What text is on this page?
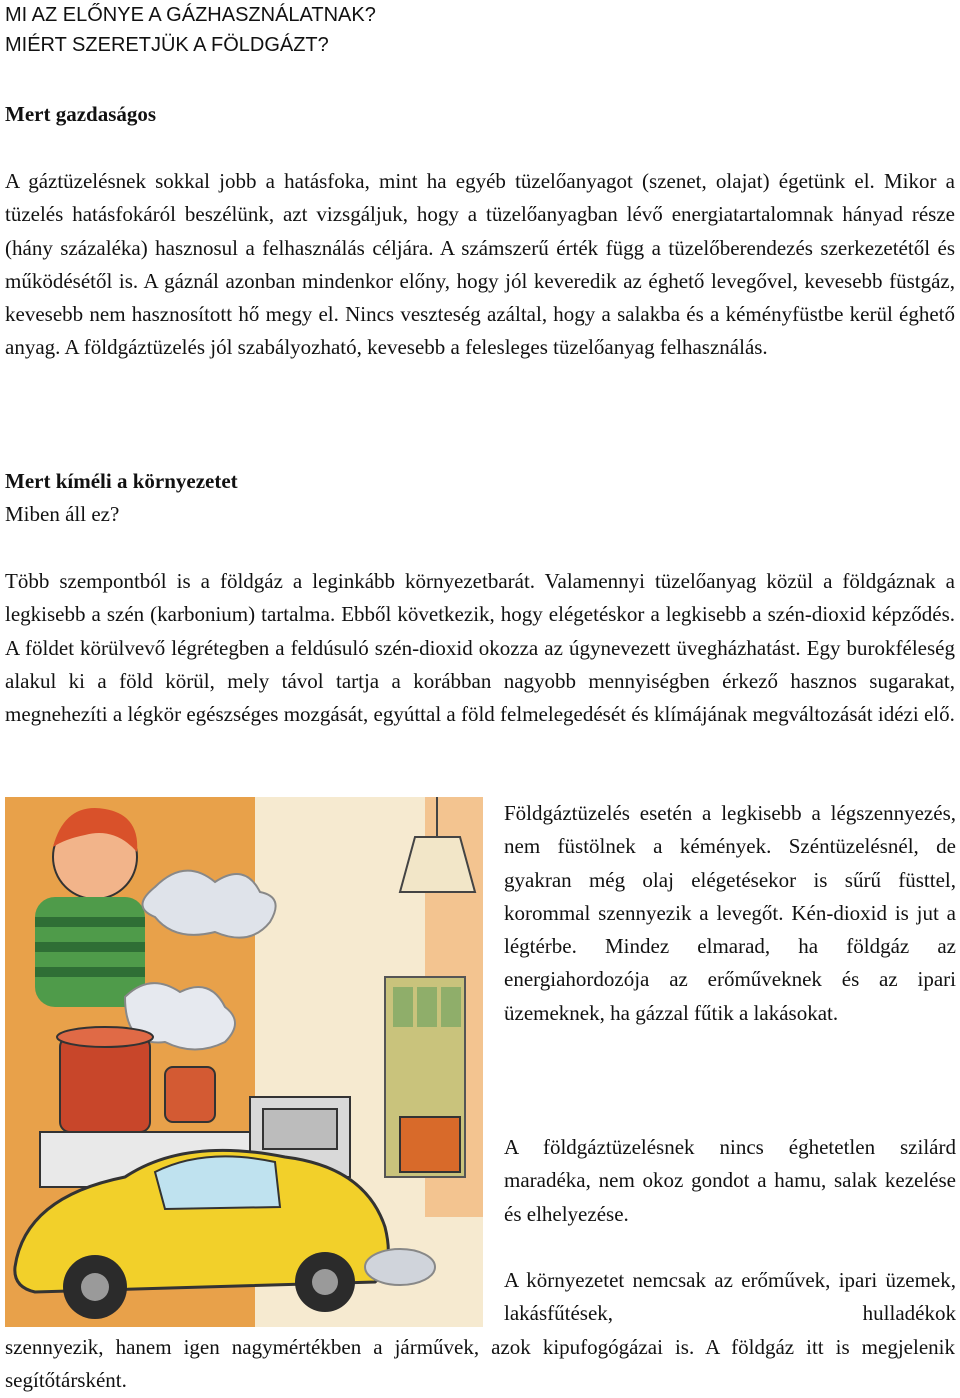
MI AZ ELŐNYE A GÁZHASZNÁLATNAK?
MIÉRT SZERETJÜK A FÖLDGÁZT?
Mert gazdaságos
A gáztüzelésnek sokkal jobb a hatásfoka, mint ha egyéb tüzelőanyagot (szenet, olajat) égetünk el. Mikor a tüzelés hatásfokáról beszélünk, azt vizsgáljuk, hogy a tüzelőanyagban lévő energiatartalomnak hányad része (hány százaléka) hasznosul a felhasználás céljára. A számszerű érték függ a tüzelőberendezés szerkezetétől és működésétől is. A gáznál azonban mindenkor előny, hogy jól keveredik az éghető levegővel, kevesebb füstgáz, kevesebb nem hasznosított hő megy el. Nincs veszteség azáltal, hogy a salakba és a kéményfüstbe kerül éghető anyag. A földgáztüzelés jól szabályozható, kevesebb a felesleges tüzelőanyag felhasználás.
Mert kíméli a környezetet
Miben áll ez?
Több szempontból is a földgáz a leginkább környezetbarát. Valamennyi tüzelőanyag közül a földgáznak a legkisebb a szén (karbonium) tartalma. Ebből következik, hogy elégetéskor a legkisebb a szén-dioxid képződés. A földet körülvevő légrétegben a feldúsuló szén-dioxid okozza az úgynevezett üvegházhatást. Egy burokféleség alakul ki a föld körül, mely távol tartja a korábban nagyobb mennyiségben érkező hasznos sugarakat, megnehezíti a légkör egészséges mozgását, egyúttal a föld felmelegedését és klímájának megváltozását idézi elő.
Földgáztüzelés esetén a legkisebb a légszennyezés, nem füstölnek a kémények. Széntüzelésnél, de gyakran még olaj elégetésekor is sűrű füsttel, korommal szennyezik a levegőt. Kén-dioxid is jut a légtérbe. Mindez elmarad, ha földgáz az energiahordozója az erőműveknek és az ipari üzemeknek, ha gázzal fűtik a lakásokat.
A földgáztüzelésnek nincs éghetetlen szilárd maradéka, nem okoz gondot a hamu, salak kezelése és elhelyezése.
A környezetet nemcsak az erőművek, ipari üzemek, lakásfűtések, hulladékok
szennyezik, hanem igen nagymértékben a járművek, azok kipufogógázai is. A földgáz itt is megjelenik segítőtársként.
